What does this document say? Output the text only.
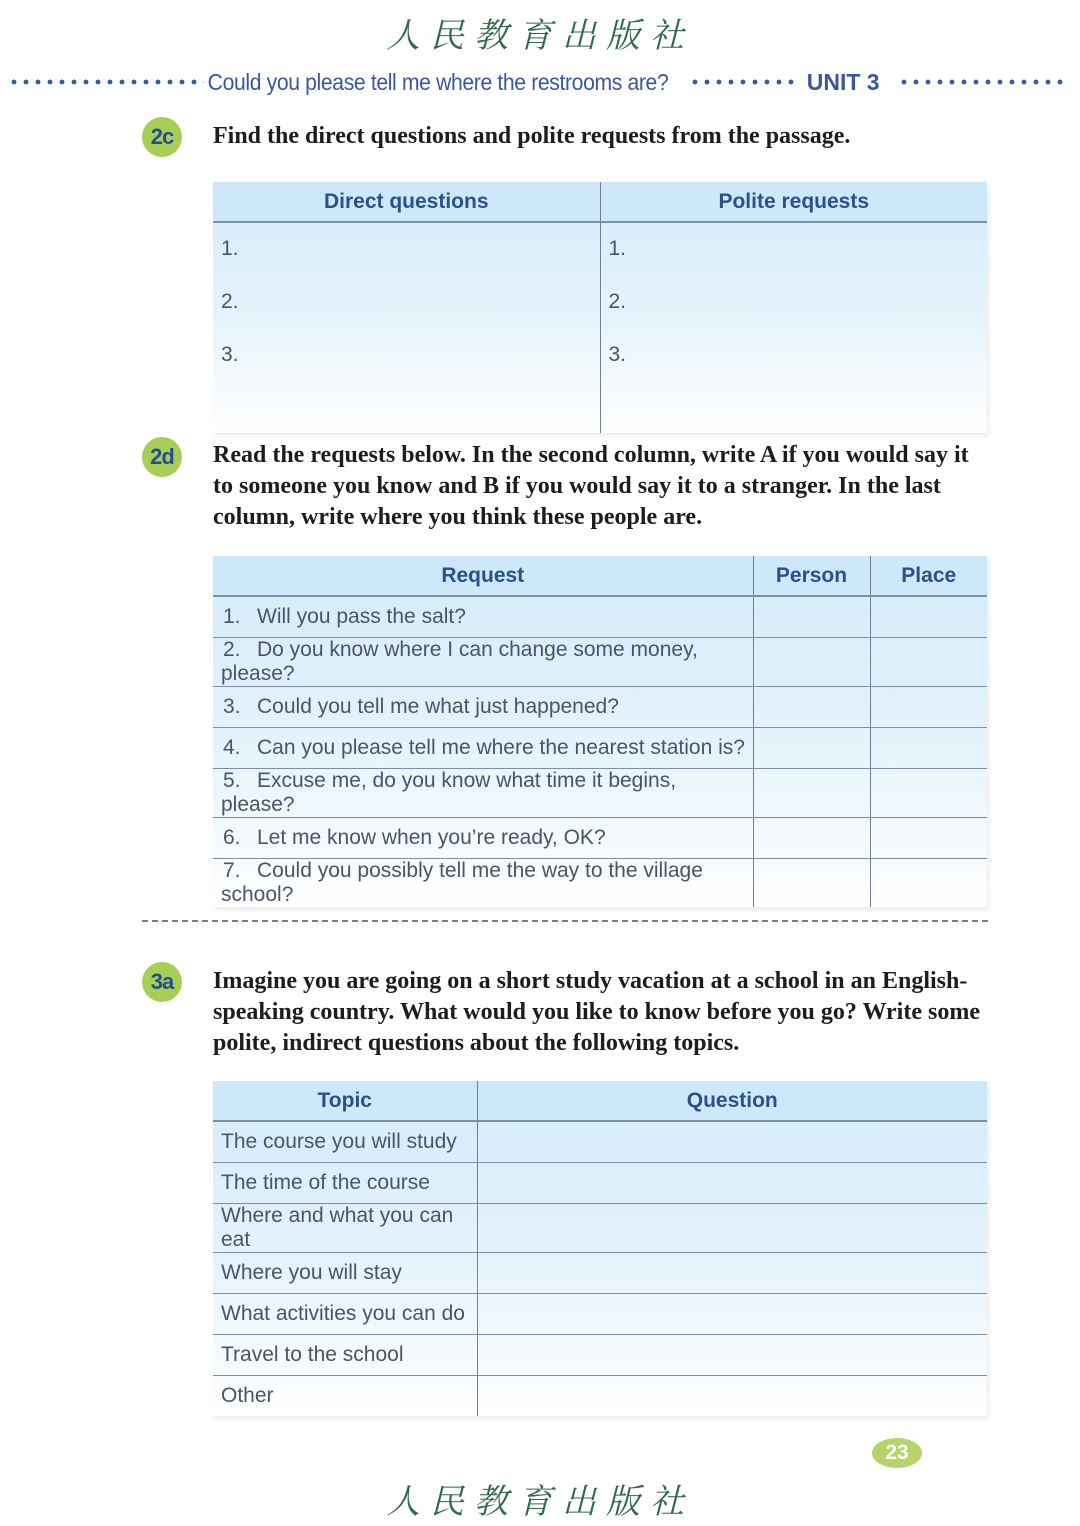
人民教育出版社
Could you please tell me where the restrooms are?	UNIT 3
2c	Find the direct questions and polite requests from the passage.
Direct questions	Polite requests
1.	1.
2.	2.
3.	3.

2d	Read the requests below. In the second column, write A if you would say it to someone you know and B if you would say it to a stranger. In the last column, write where you think these people are.
Request	Person	Place
1. Will you pass the salt?		
2. Do you know where I can change some money, please?		
3. Could you tell me what just happened?		
4. Can you please tell me where the nearest station is?		
5. Excuse me, do you know what time it begins, please?		
6. Let me know when you’re ready, OK?		
7. Could you possibly tell me the way to the village school?		
3a	Imagine you are going on a short study vacation at a school in an English-speaking country. What would you like to know before you go? Write some polite, indirect questions about the following topics.
Topic	Question
The course you will study	
The time of the course	
Where and what you can eat	
Where you will stay	
What activities you can do	
Travel to the school	
Other	
23
人民教育出版社
